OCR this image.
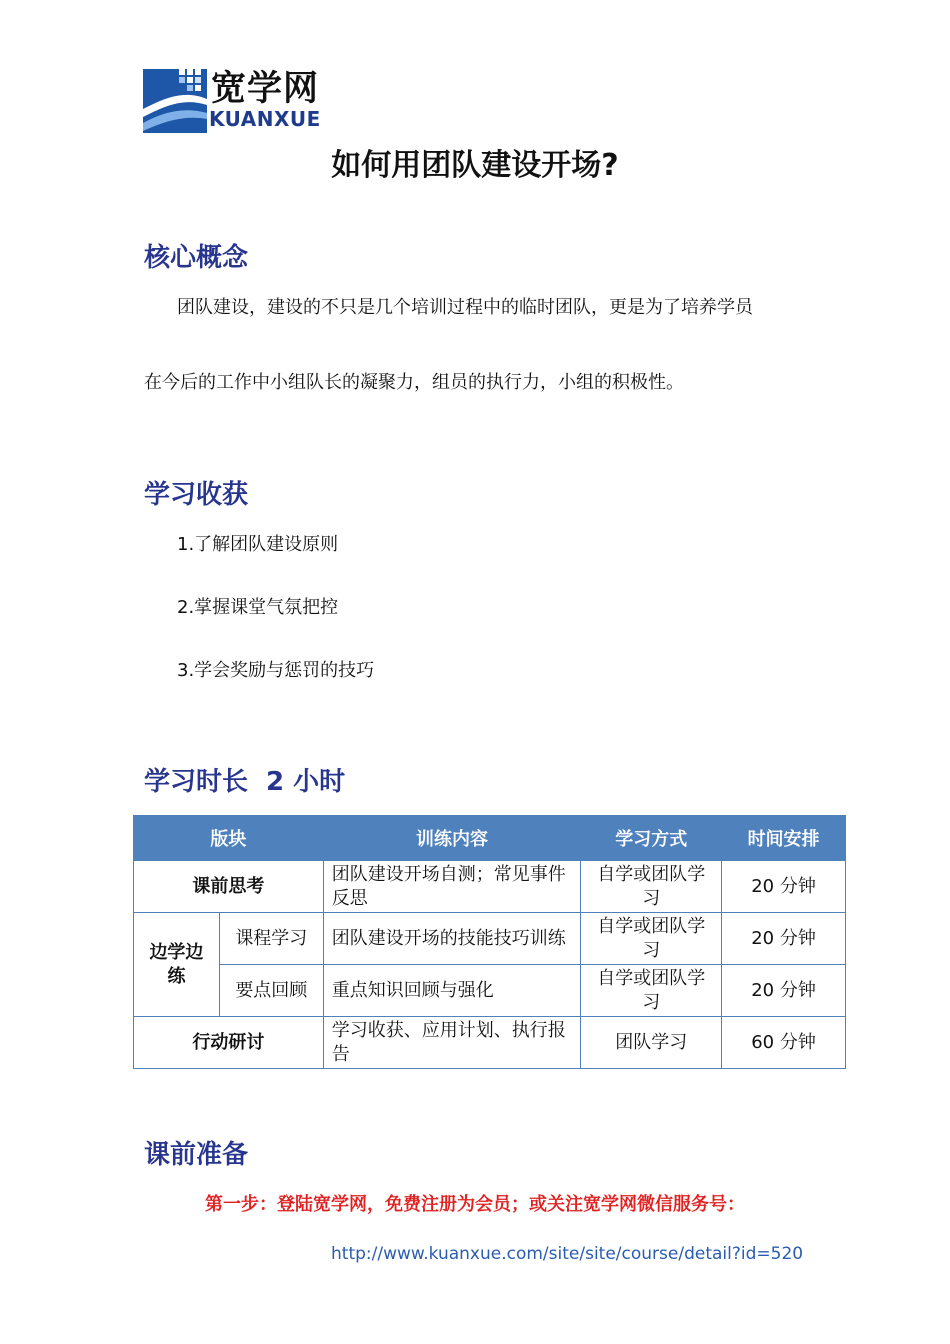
宽学网
KUANXUE
如何用团队建设开场?
核心概念

团队建设，建设的不只是几个培训过程中的临时团队，更是为了培养学员

在今后的工作中小组队长的凝聚力，组员的执行力，小组的积极性。

学习收获

1.了解团队建设原则

2.掌握课堂气氛把控

3.学会奖励与惩罚的技巧

学习时长 2 小时
版块		训练内容	学习方式	时间安排
课前思考		团队建设开场自测；常见事件反思	自学或团队学习	20 分钟
边学边练	课程学习	团队建设开场的技能技巧训练	自学或团队学习	20 分钟
	要点回顾	重点知识回顾与强化	自学或团队学习	20 分钟
行动研讨		学习收获、应用计划、执行报告	团队学习	60 分钟
课前准备

第一步：登陆宽学网，免费注册为会员；或关注宽学网微信服务号：

http://www.kuanxue.com/site/site/course/detail?id=520
